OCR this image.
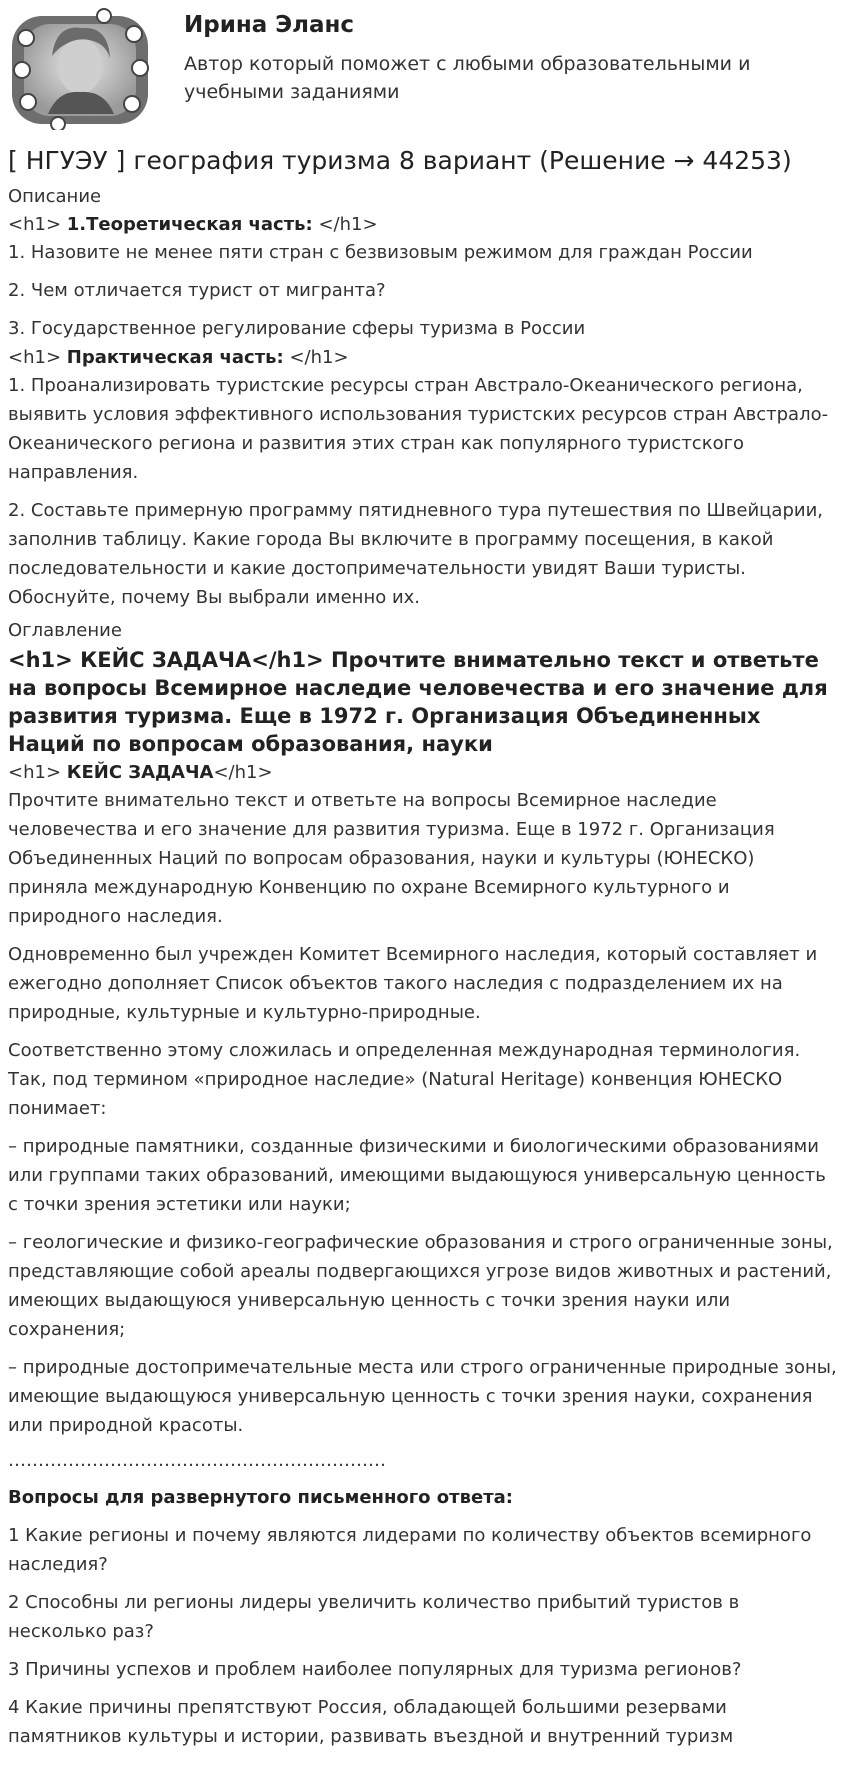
Ирина Эланс
Автор который поможет с любыми образовательными и учебными заданиями
[ НГУЭУ ] география туризма 8 вариант (Решение → 44253)
Описание
<h1> 1.Теоретическая часть: </h1>

1. Назовите не менее пяти стран с безвизовым режимом для граждан России

2. Чем отличается турист от мигранта?

3. Государственное регулирование сферы туризма в России

<h1> Практическая часть: </h1>

1. Проанализировать туристские ресурсы стран Австрало-Океанического региона, выявить условия эффективного использования туристских ресурсов стран Австрало-Океанического региона и развития этих стран как популярного туристского направления.

2. Составьте примерную программу пятидневного тура путешествия по Швейцарии, заполнив таблицу. Какие города Вы включите в программу посещения, в какой последовательности и какие достопримечательности увидят Ваши туристы. Обоснуйте, почему Вы выбрали именно их.

Оглавление
<h1> КЕЙС ЗАДАЧА</h1> Прочтите внимательно текст и ответьте на вопросы Всемирное наследие человечества и его значение для развития туризма. Еще в 1972 г. Организация Объединенных Наций по вопросам образования, науки
<h1> КЕЙС ЗАДАЧА</h1>

Прочтите внимательно текст и ответьте на вопросы Всемирное наследие человечества и его значение для развития туризма. Еще в 1972 г. Организация Объединенных Наций по вопросам образования, науки и культуры (ЮНЕСКО) приняла международную Конвенцию по охране Всемирного культурного и природного наследия.

Одновременно был учрежден Комитет Всемирного наследия, который составляет и ежегодно дополняет Список объектов такого наследия с подразделением их на природные, культурные и культурно-природные.

Соответственно этому сложилась и определенная международная терминология. Так, под термином «природное наследие» (Natural Heritage) конвенция ЮНЕСКО понимает:

– природные памятники, созданные физическими и биологическими образованиями или группами таких образований, имеющими выдающуюся универсальную ценность с точки зрения эстетики или науки;

– геологические и физико-географические образования и строго ограниченные зоны, представляющие собой ареалы подвергающихся угрозе видов животных и растений, имеющих выдающуюся универсальную ценность с точки зрения науки или сохранения;

– природные достопримечательные места или строго ограниченные природные зоны, имеющие выдающуюся универсальную ценность с точки зрения науки, сохранения или природной красоты.

………………………………………………………

Вопросы для развернутого письменного ответа:

1 Какие регионы и почему являются лидерами по количеству объектов всемирного наследия?

2 Способны ли регионы лидеры увеличить количество прибытий туристов в несколько раз?

3 Причины успехов и проблем наиболее популярных для туризма регионов?

4 Какие причины препятствуют Россия, обладающей большими резервами памятников культуры и истории, развивать въездной и внутренний туризм
